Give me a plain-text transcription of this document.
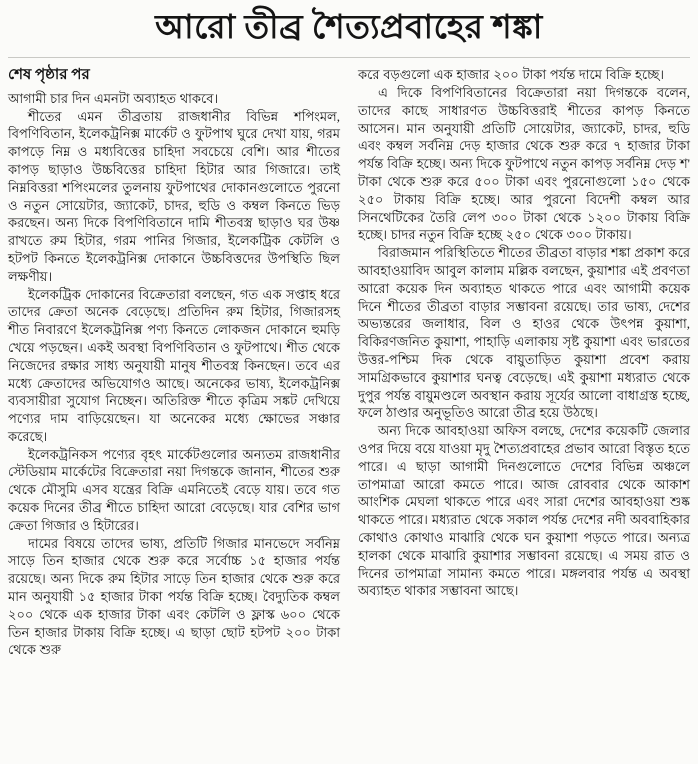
আরো তীব্র শৈত্যপ্রবাহের শঙ্কা

শেষ পৃষ্ঠার পর

আগামী চার দিন এমনটা অব্যাহত থাকবে।

শীতের এমন তীব্রতায় রাজধানীর বিভিন্ন শপিংমল, বিপণিবিতান, ইলেকট্রনিক্স মার্কেট ও ফুটপাথ ঘুরে দেখা যায়, গরম কাপড়ে নিম্ন ও মধ্যবিত্তের চাহিদা সবচেয়ে বেশি। আর শীতের কাপড় ছাড়াও উচ্চবিত্তের চাহিদা হিটার আর গিজারে। তাই নিম্নবিত্তরা শপিংমলের তুলনায় ফুটপাথের দোকানগুলোতে পুরনো ও নতুন সোয়েটার, জ্যাকেট, চাদর, হুডি ও কম্বল কিনতে ভিড় করছেন। অন্য দিকে বিপণিবিতানে দামি শীতবস্ত্র ছাড়াও ঘর উষ্ণ রাখতে রুম হিটার, গরম পানির গিজার, ইলেকট্রিক কেটলি ও হটপট কিনতে ইলেকট্রনিক্স দোকানে উচ্চবিত্তদের উপস্থিতি ছিল লক্ষণীয়।

ইলেকট্রিক দোকানের বিক্রেতারা বলছেন, গত এক সপ্তাহ ধরে তাদের ক্রেতা অনেক বেড়েছে। প্রতিদিন রুম হিটার, গিজারসহ শীত নিবারণে ইলেকট্রনিক্স পণ্য কিনতে লোকজন দোকানে হুমড়ি খেয়ে পড়ছেন। একই অবস্থা বিপণিবিতান ও ফুটপাথে। শীত থেকে নিজেদের রক্ষার সাধ্য অনুযায়ী মানুষ শীতবস্ত্র কিনছেন। তবে এর মধ্যে ক্রেতাদের অভিযোগও আছে। অনেকের ভাষ্য, ইলেকট্রনিক্স ব্যবসায়ীরা সুযোগ নিচ্ছেন। অতিরিক্ত শীতে কৃত্রিম সঙ্কট দেখিয়ে পণ্যের দাম বাড়িয়েছেন। যা অনেকের মধ্যে ক্ষোভের সঞ্চার করেছে।

ইলেকট্রনিকস পণ্যের বৃহৎ মার্কেটগুলোর অন্যতম রাজধানীর স্টেডিয়াম মার্কেটের বিক্রেতারা নয়া দিগন্তকে জানান, শীতের শুরু থেকে মৌসুমি এসব যন্ত্রের বিক্রি এমনিতেই বেড়ে যায়। তবে গত কয়েক দিনের তীব্র শীতে চাহিদা আরো বেড়েছে। যার বেশির ভাগ ক্রেতা গিজার ও হিটারের।

দামের বিষয়ে তাদের ভাষ্য, প্রতিটি গিজার মানভেদে সর্বনিম্ন সাড়ে তিন হাজার থেকে শুরু করে সর্বোচ্চ ১৫ হাজার পর্যন্ত রয়েছে। অন্য দিকে রুম হিটার সাড়ে তিন হাজার থেকে শুরু করে মান অনুযায়ী ১৫ হাজার টাকা পর্যন্ত বিক্রি হচ্ছে। বৈদ্যুতিক কম্বল ২০০ থেকে এক হাজার টাকা এবং কেটলি ও ফ্লাস্ক ৬০০ থেকে তিন হাজার টাকায় বিক্রি হচ্ছে। এ ছাড়া ছোট হটপট ২০০ টাকা থেকে শুরু

করে বড়গুলো এক হাজার ২০০ টাকা পর্যন্ত দামে বিক্রি হচ্ছে।

এ দিকে বিপণিবিতানের বিক্রেতারা নয়া দিগন্তকে বলেন, তাদের কাছে সাধারণত উচ্চবিত্তরাই শীতের কাপড় কিনতে আসেন। মান অনুযায়ী প্রতিটি সোয়েটার, জ্যাকেট, চাদর, হুডি এবং কম্বল সর্বনিম্ন দেড় হাজার থেকে শুরু করে ৭ হাজার টাকা পর্যন্ত বিক্রি হচ্ছে। অন্য দিকে ফুটপাথে নতুন কাপড় সর্বনিম্ন দেড় শ' টাকা থেকে শুরু করে ৫০০ টাকা এবং পুরনোগুলো ১৫০ থেকে ২৫০ টাকায় বিক্রি হচ্ছে। আর পুরনো বিদেশী কম্বল আর সিনথেটিকের তৈরি লেপ ৩০০ টাকা থেকে ১২০০ টাকায় বিক্রি হচ্ছে। চাদর নতুন বিক্রি হচ্ছে ২৫০ থেকে ৩০০ টাকায়।

বিরাজমান পরিস্থিতিতে শীতের তীব্রতা বাড়ার শঙ্কা প্রকাশ করে আবহাওয়াবিদ আবুল কালাম মল্লিক বলছেন, কুয়াশার এই প্রবণতা আরো কয়েক দিন অব্যাহত থাকতে পারে এবং আগামী কয়েক দিনে শীতের তীব্রতা বাড়ার সম্ভাবনা রয়েছে। তার ভাষ্য, দেশের অভ্যন্তরের জলাধার, বিল ও হাওর থেকে উৎপন্ন কুয়াশা, বিকিরণজনিত কুয়াশা, পাহাড়ি এলাকায় সৃষ্ট কুয়াশা এবং ভারতের উত্তর-পশ্চিম দিক থেকে বায়ুতাড়িত কুয়াশা প্রবেশ করায় সামগ্রিকভাবে কুয়াশার ঘনত্ব বেড়েছে। এই কুয়াশা মধ্যরাত থেকে দুপুর পর্যন্ত বায়ুমণ্ডলে অবস্থান করায় সূর্যের আলো বাধাগ্রস্ত হচ্ছে, ফলে ঠাণ্ডার অনুভূতিও আরো তীব্র হয়ে উঠছে।

অন্য দিকে আবহাওয়া অফিস বলছে, দেশের কয়েকটি জেলার ওপর দিয়ে বয়ে যাওয়া মৃদু শৈত্যপ্রবাহের প্রভাব আরো বিস্তৃত হতে পারে। এ ছাড়া আগামী দিনগুলোতে দেশের বিভিন্ন অঞ্চলে তাপমাত্রা আরো কমতে পারে। আজ রোববার থেকে আকাশ আংশিক মেঘলা থাকতে পারে এবং সারা দেশের আবহাওয়া শুষ্ক থাকতে পারে। মধ্যরাত থেকে সকাল পর্যন্ত দেশের নদী অববাহিকার কোথাও কোথাও মাঝারি থেকে ঘন কুয়াশা পড়তে পারে। অন্যত্র হালকা থেকে মাঝারি কুয়াশার সম্ভাবনা রয়েছে। এ সময় রাত ও দিনের তাপমাত্রা সামান্য কমতে পারে। মঙ্গলবার পর্যন্ত এ অবস্থা অব্যাহত থাকার সম্ভাবনা আছে।
